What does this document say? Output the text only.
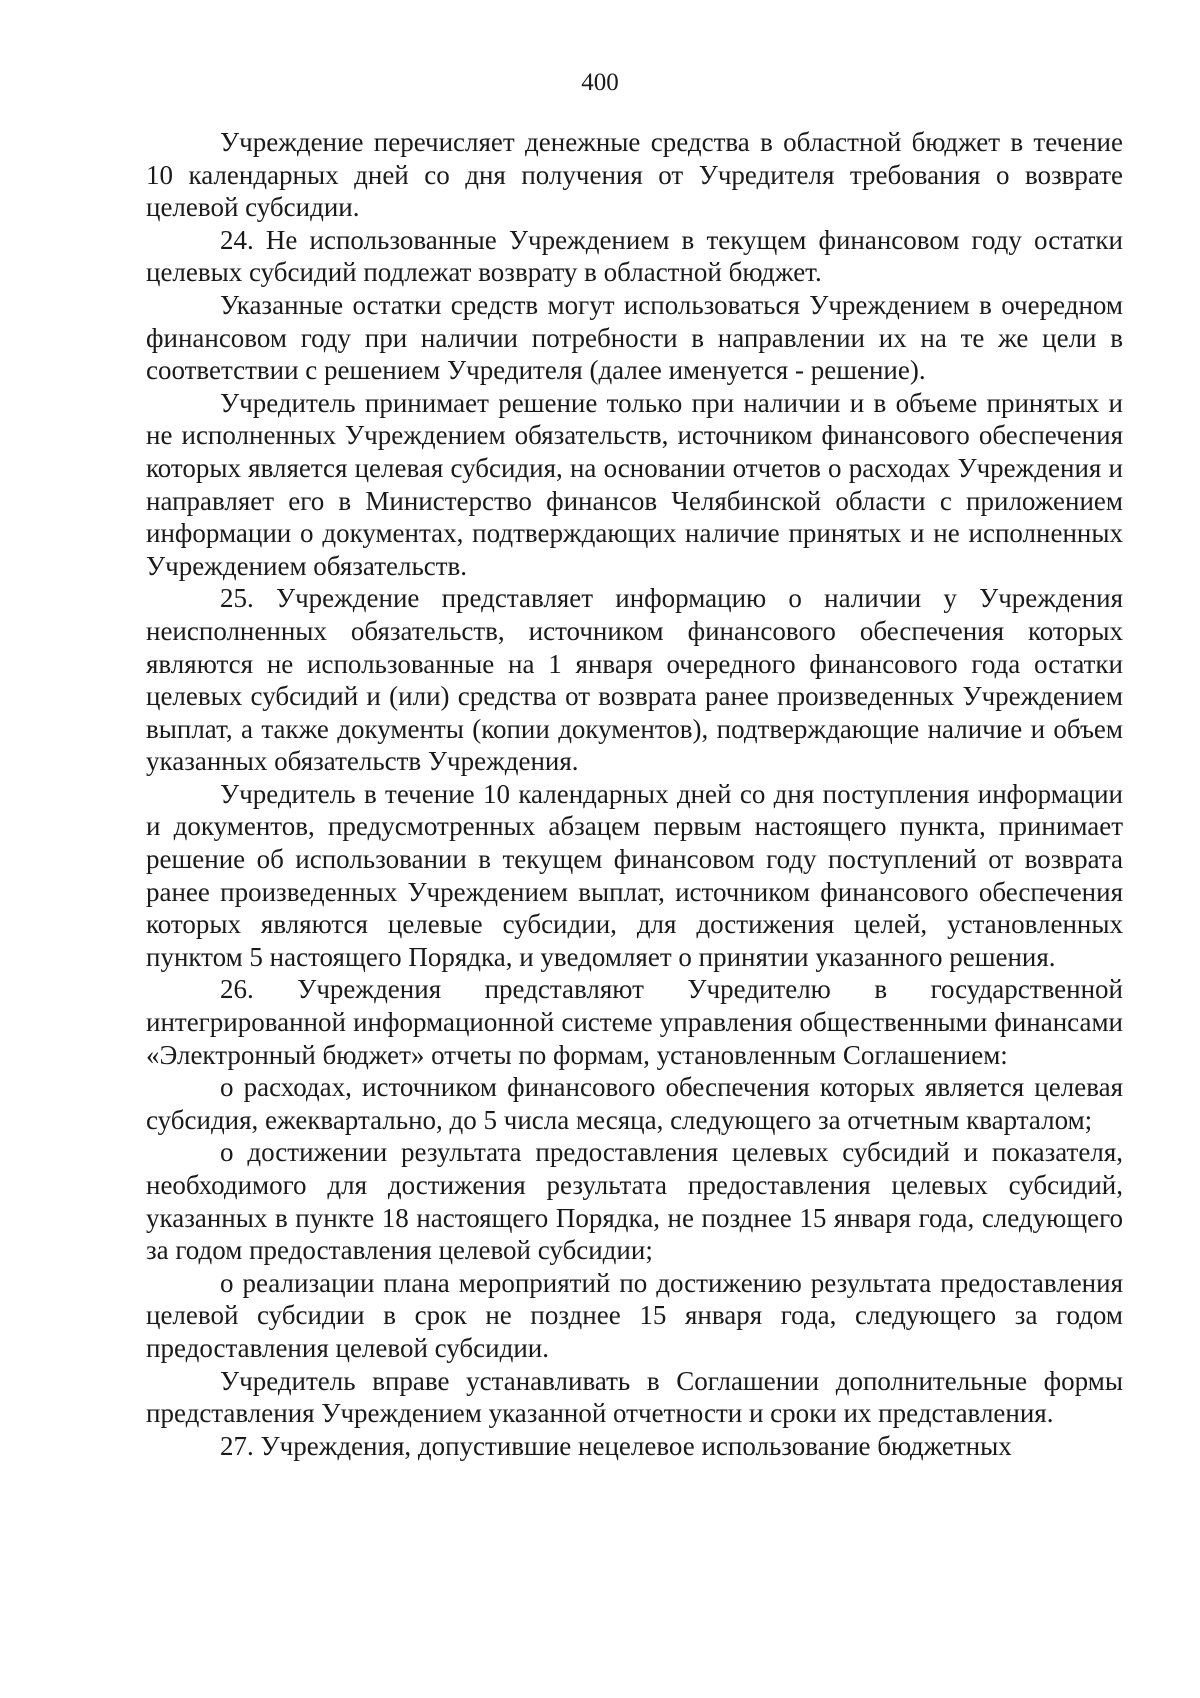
400

Учреждение перечисляет денежные средства в областной бюджет в течение 10 календарных дней со дня получения от Учредителя требования о возврате целевой субсидии.

24. Не использованные Учреждением в текущем финансовом году остатки целевых субсидий подлежат возврату в областной бюджет.

Указанные остатки средств могут использоваться Учреждением в очередном финансовом году при наличии потребности в направлении их на те же цели в соответствии с решением Учредителя (далее именуется - решение).

Учредитель принимает решение только при наличии и в объеме принятых и не исполненных Учреждением обязательств, источником финансового обеспечения которых является целевая субсидия, на основании отчетов о расходах Учреждения и направляет его в Министерство финансов Челябинской области с приложением информации о документах, подтверждающих наличие принятых и не исполненных Учреждением обязательств.

25. Учреждение представляет информацию о наличии у Учреждения неисполненных обязательств, источником финансового обеспечения которых являются не использованные на 1 января очередного финансового года остатки целевых субсидий и (или) средства от возврата ранее произведенных Учреждением выплат, а также документы (копии документов), подтверждающие наличие и объем указанных обязательств Учреждения.

Учредитель в течение 10 календарных дней со дня поступления информации и документов, предусмотренных абзацем первым настоящего пункта, принимает решение об использовании в текущем финансовом году поступлений от возврата ранее произведенных Учреждением выплат, источником финансового обеспечения которых являются целевые субсидии, для достижения целей, установленных пунктом 5 настоящего Порядка, и уведомляет о принятии указанного решения.

26. Учреждения представляют Учредителю в государственной интегрированной информационной системе управления общественными финансами «Электронный бюджет» отчеты по формам, установленным Соглашением:

о расходах, источником финансового обеспечения которых является целевая субсидия, ежеквартально, до 5 числа месяца, следующего за отчетным кварталом;

о достижении результата предоставления целевых субсидий и показателя, необходимого для достижения результата предоставления целевых субсидий, указанных в пункте 18 настоящего Порядка, не позднее 15 января года, следующего за годом предоставления целевой субсидии;

о реализации плана мероприятий по достижению результата предоставления целевой субсидии в срок не позднее 15 января года, следующего за годом предоставления целевой субсидии.

Учредитель вправе устанавливать в Соглашении дополнительные формы представления Учреждением указанной отчетности и сроки их представления.

27. Учреждения, допустившие нецелевое использование бюджетных
